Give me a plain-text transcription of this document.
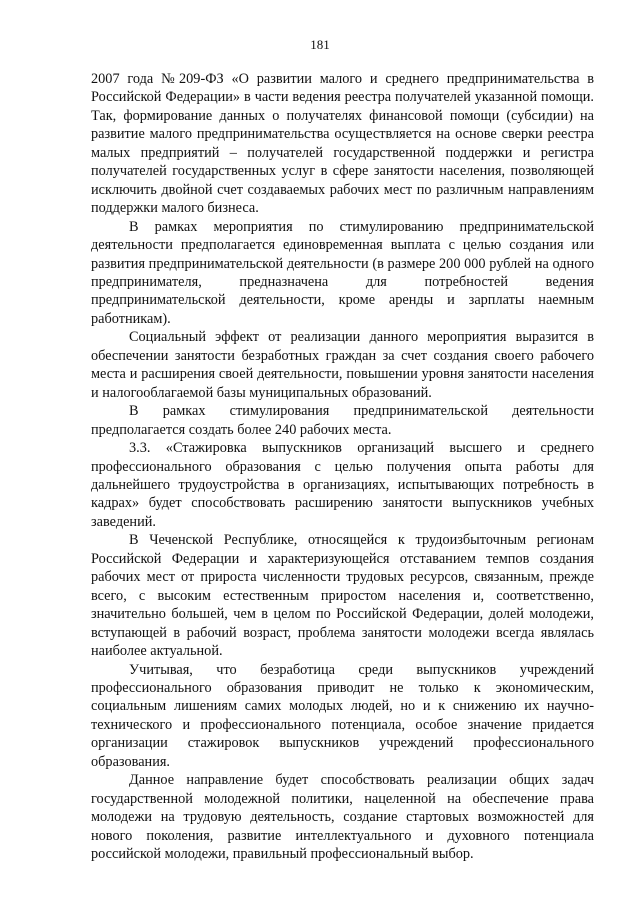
181

2007 года №209-ФЗ «О развитии малого и среднего предпринимательства в Российской Федерации» в части ведения реестра получателей указанной помощи. Так, формирование данных о получателях финансовой помощи (субсидии) на развитие малого предпринимательства осуществляется на основе сверки реестра малых предприятий – получателей государственной поддержки и регистра получателей государственных услуг в сфере занятости населения, позволяющей исключить двойной счет создаваемых рабочих мест по различным направлениям поддержки малого бизнеса.

В рамках мероприятия по стимулированию предпринимательской деятельности предполагается единовременная выплата с целью создания или развития предпринимательской деятельности (в размере 200 000 рублей на одного предпринимателя, предназначена для потребностей ведения предпринимательской деятельности, кроме аренды и зарплаты наемным работникам).

Социальный эффект от реализации данного мероприятия выразится в обеспечении занятости безработных граждан за счет создания своего рабочего места и расширения своей деятельности, повышении уровня занятости населения и налогооблагаемой базы муниципальных образований.

В рамках стимулирования предпринимательской деятельности предполагается создать более 240 рабочих места.

3.3. «Стажировка выпускников организаций высшего и среднего профессионального образования с целью получения опыта работы для дальнейшего трудоустройства в организациях, испытывающих потребность в кадрах» будет способствовать расширению занятости выпускников учебных заведений.

В Чеченской Республике, относящейся к трудоизбыточным регионам Российской Федерации и характеризующейся отставанием темпов создания рабочих мест от прироста численности трудовых ресурсов, связанным, прежде всего, с высоким естественным приростом населения и, соответственно, значительно большей, чем в целом по Российской Федерации, долей молодежи, вступающей в рабочий возраст, проблема занятости молодежи всегда являлась наиболее актуальной.

Учитывая, что безработица среди выпускников учреждений профессионального образования приводит не только к экономическим, социальным лишениям самих молодых людей, но и к снижению их научно-технического и профессионального потенциала, особое значение придается организации стажировок выпускников учреждений профессионального образования.

Данное направление будет способствовать реализации общих задач государственной молодежной политики, нацеленной на обеспечение права молодежи на трудовую деятельность, создание стартовых возможностей для нового поколения, развитие интеллектуального и духовного потенциала российской молодежи, правильный профессиональный выбор.
